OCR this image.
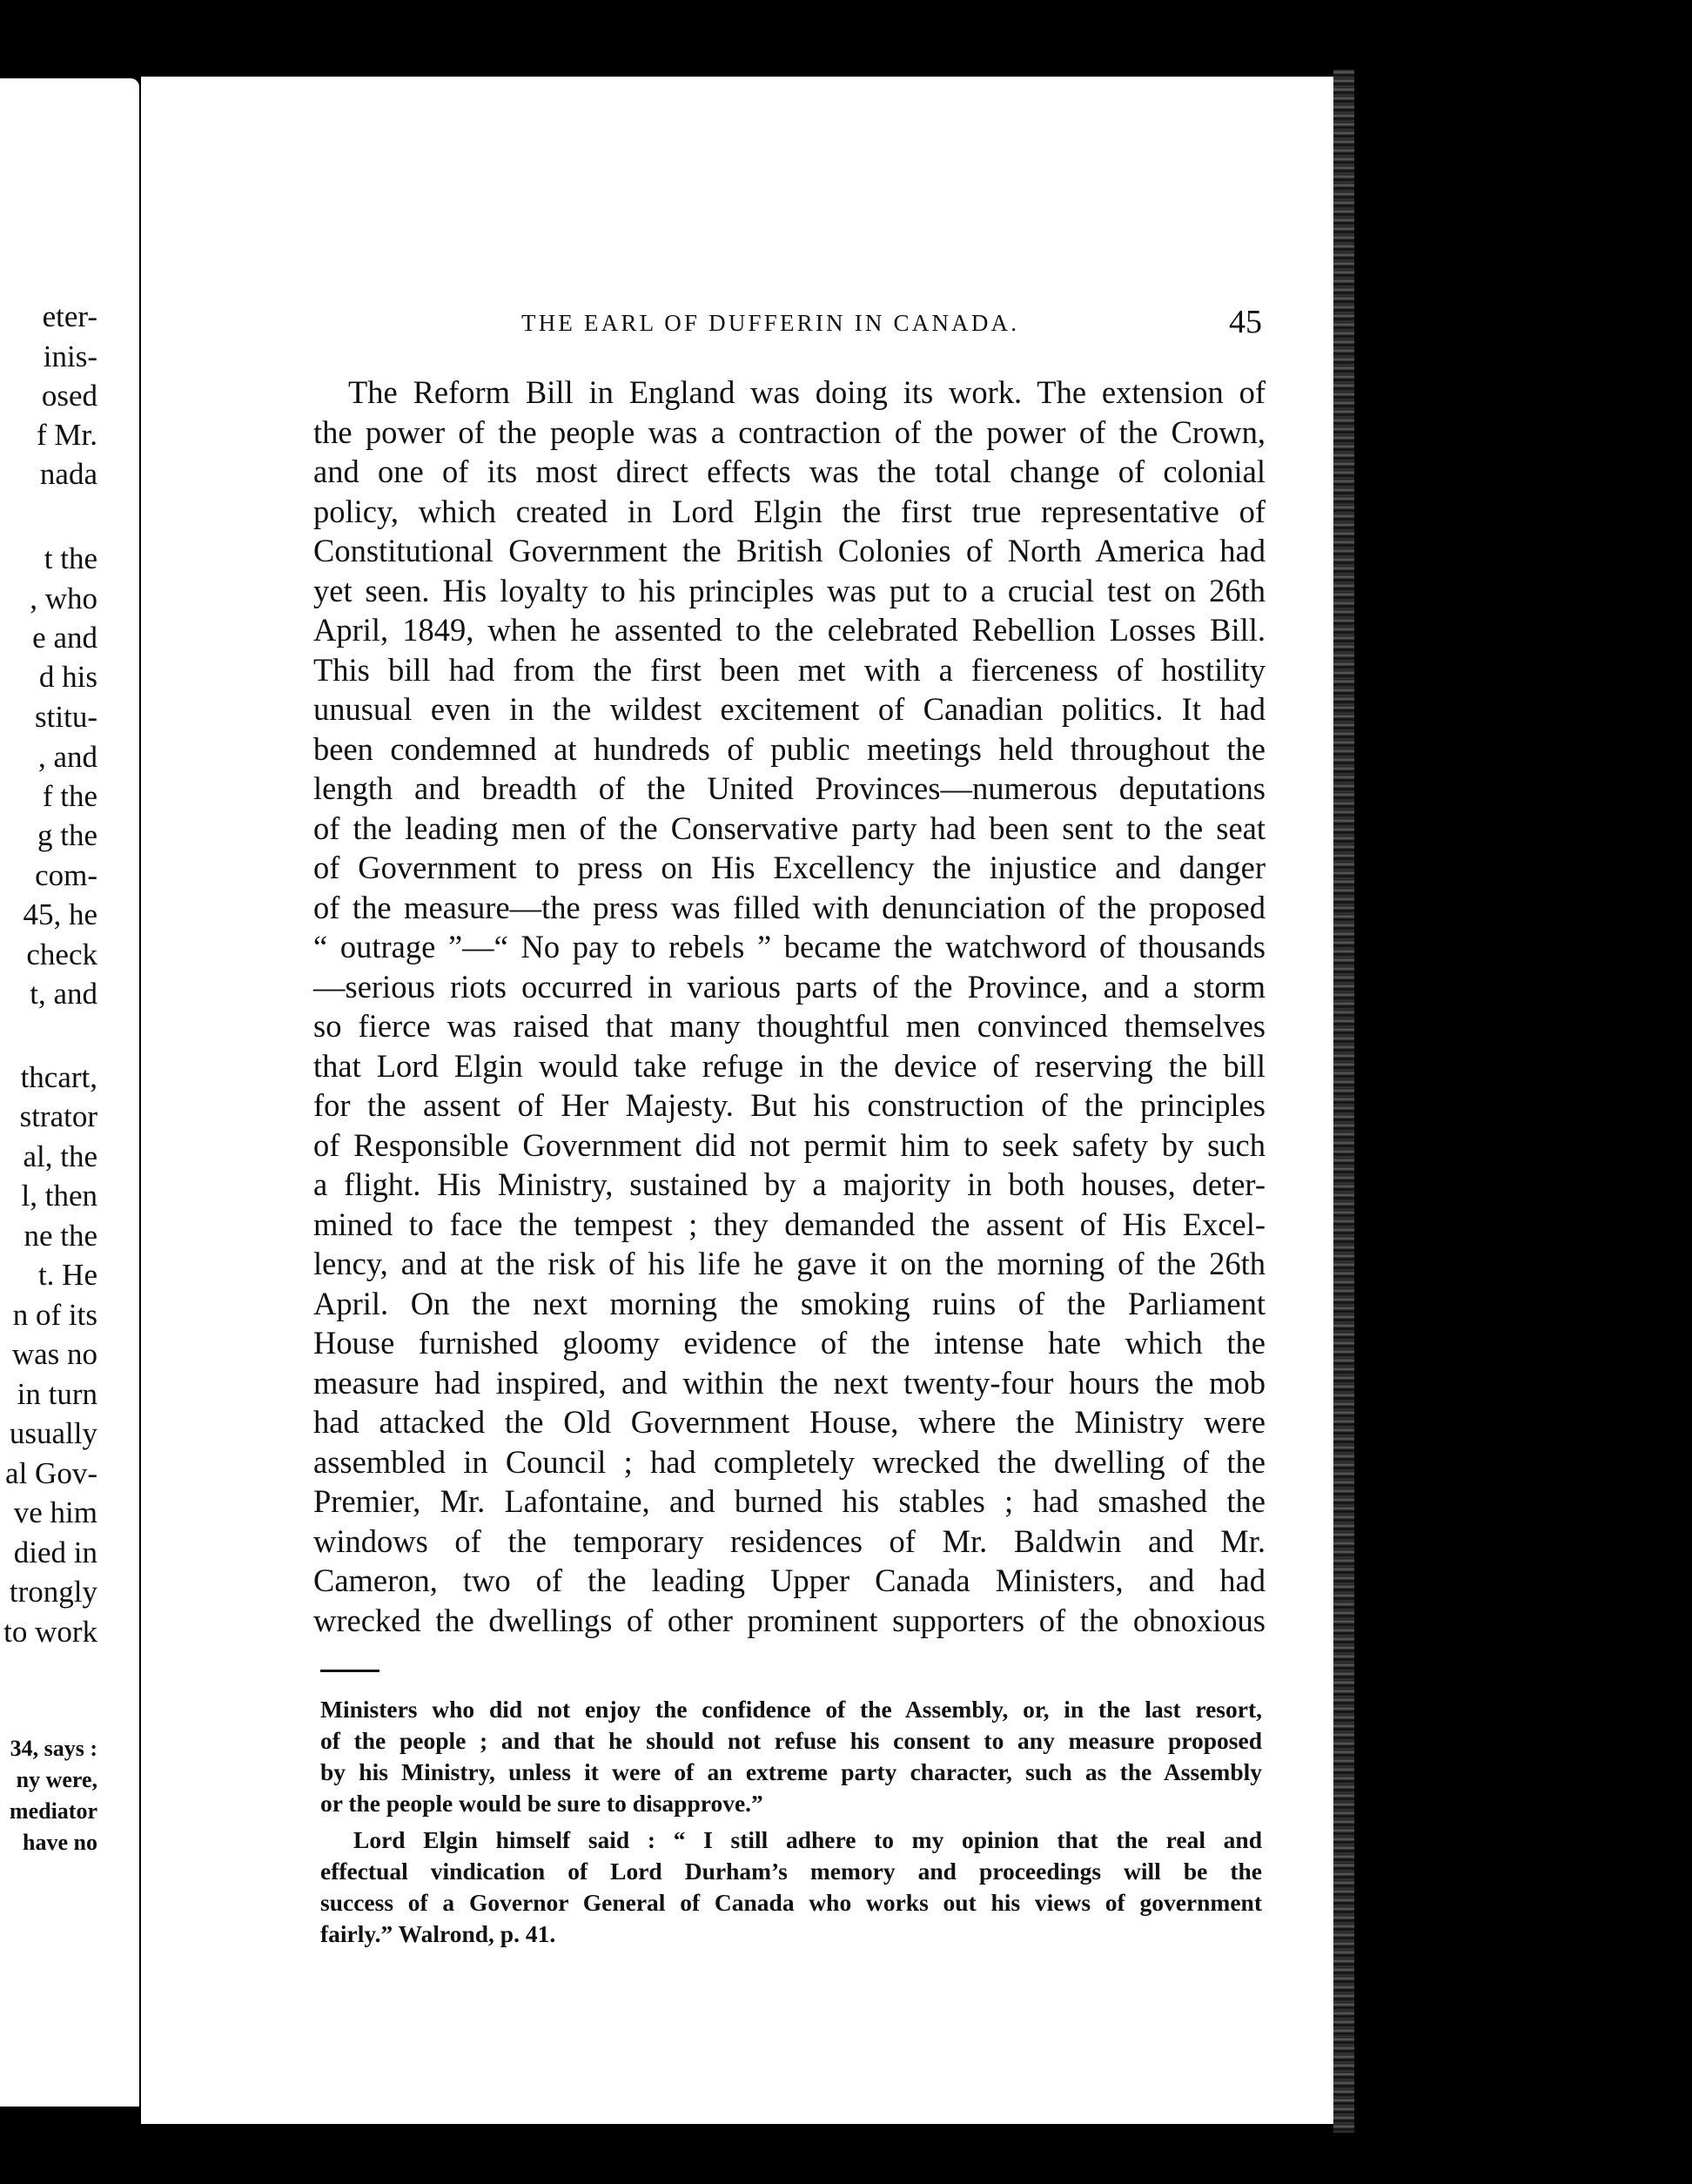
eter-
inis-
osed
f Mr.
nada
t the
, who
e and
d his
stitu-
, and
f the
g the
com-
45, he
check
t, and
thcart,
strator
al, the
l, then
ne the
t. He
n of its
was no
in turn
usually
al Gov-
ve him
died in
trongly
to work
34, says :
ny were,
mediator
have no
THE EARL OF DUFFERIN IN CANADA.	45
The Reform Bill in England was doing its work. The extension of
the power of the people was a contraction of the power of the Crown,
and one of its most direct effects was the total change of colonial
policy, which created in Lord Elgin the first true representative of
Constitutional Government the British Colonies of North America had
yet seen. His loyalty to his principles was put to a crucial test on 26th
April, 1849, when he assented to the celebrated Rebellion Losses Bill.
This bill had from the first been met with a fierceness of hostility
unusual even in the wildest excitement of Canadian politics. It had
been condemned at hundreds of public meetings held throughout the
length and breadth of the United Provinces—numerous deputations
of the leading men of the Conservative party had been sent to the seat
of Government to press on His Excellency the injustice and danger
of the measure—the press was filled with denunciation of the proposed
“ outrage ”—“ No pay to rebels ” became the watchword of thousands
—serious riots occurred in various parts of the Province, and a storm
so fierce was raised that many thoughtful men convinced themselves
that Lord Elgin would take refuge in the device of reserving the bill
for the assent of Her Majesty. But his construction of the principles
of Responsible Government did not permit him to seek safety by such
a flight. His Ministry, sustained by a majority in both houses, deter-
mined to face the tempest ; they demanded the assent of His Excel-
lency, and at the risk of his life he gave it on the morning of the 26th
April. On the next morning the smoking ruins of the Parliament
House furnished gloomy evidence of the intense hate which the
measure had inspired, and within the next twenty-four hours the mob
had attacked the Old Government House, where the Ministry were
assembled in Council ; had completely wrecked the dwelling of the
Premier, Mr. Lafontaine, and burned his stables ; had smashed the
windows of the temporary residences of Mr. Baldwin and Mr.
Cameron, two of the leading Upper Canada Ministers, and had
wrecked the dwellings of other prominent supporters of the obnoxious
Ministers who did not enjoy the confidence of the Assembly, or, in the last resort,
of the people ; and that he should not refuse his consent to any measure proposed
by his Ministry, unless it were of an extreme party character, such as the Assembly
or the people would be sure to disapprove.”
Lord Elgin himself said : “ I still adhere to my opinion that the real and
effectual vindication of Lord Durham’s memory and proceedings will be the
success of a Governor General of Canada who works out his views of government
fairly.” Walrond, p. 41.
